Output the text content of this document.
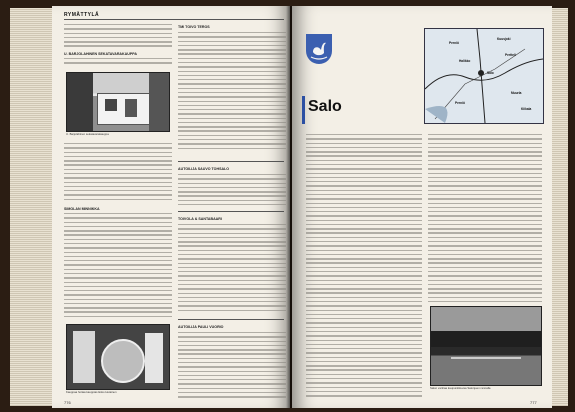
RYMÄTTYLÄ
U. BARJOLAHINEN SEKATAVARAKAUPPA
U. Barjolahinen sekatavarakauppa
SIMOLAN MINNIKKA
Kauppaa hoitaa kauppias Esko Hetainen
776
TMI TOIVO TEROS
AUTOILIJA SAUVO TOHSALO
TOIVOLA & SANTABAARI
AUTOILIJA PAULI VUORIO
Perniö
Halikko
Salo
Muurla
Kiikala
Kuusjoki
Pertteli
Perniö
Salo
Salon vanhaa kaupunkikuvaa Salonjoen rannalla
777
